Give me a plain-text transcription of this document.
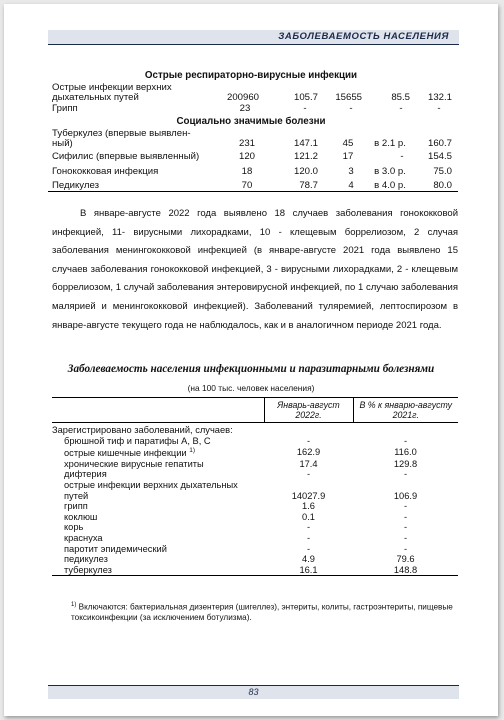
ЗАБОЛЕВАЕМОСТЬ НАСЕЛЕНИЯ
Острые респираторно-вирусные инфекции
Острые инфекции верхних
дыхательных путей	200960	105.7	15655	85.5	132.1
Грипп	23	-	-	-	-
Социально значимые болезни
Туберкулез (впервые выявлен-
ный)	231	147.1	45	в 2.1 р.	160.7
Сифилис (впервые выявленный)	120	121.2	17	-	154.5
Гонококковая инфекция	18	120.0	3	в 3.0 р.	75.0
Педикулез	70	78.7	4	в 4.0 р.	80.0

В январе-августе 2022 года выявлено 18 случаев заболевания гонококковой инфекцией, 11- вирусными лихорадками, 10 - клещевым боррелиозом, 2 случая заболевания менингококковой инфекцией (в январе-августе 2021 года выявлено 15 случаев заболевания гонококковой инфекцией, 3 - вирусными лихорадками, 2 - клещевым боррелиозом, 1 случай заболевания энтеровирусной инфекцией, по 1 случаю заболевания малярией и менингококковой инфекцией). Заболеваний туляремией, лептоспирозом в январе-августе текущего года не наблюдалось, как и в аналогичном периоде 2021 года.

Заболеваемость населения инфекционными и паразитарными болезнями
(на 100 тыс. человек населения)
	Январь-август 2022г.	В % к январю-августу 2021г.
Зарегистрировано заболеваний, случаев:		
брюшной тиф и паратифы А, В, С	-	-
острые кишечные инфекции $^{1)}$	162.9	116.0
хронические вирусные гепатиты	17.4	129.8
дифтерия	-	-
острые инфекции верхних дыхательных		
путей	14027.9	106.9
грипп	1.6	-
коклюш	0.1	-
корь	-	-
краснуха	-	-
паротит эпидемический	-	-
педикулез	4.9	79.6
туберкулез	16.1	148.8

$^{1)}$ Включаются: бактериальная дизентерия (шигеллез), энтериты, колиты, гастроэнтериты, пищевые токсикоинфекции (за исключением ботулизма).

83
